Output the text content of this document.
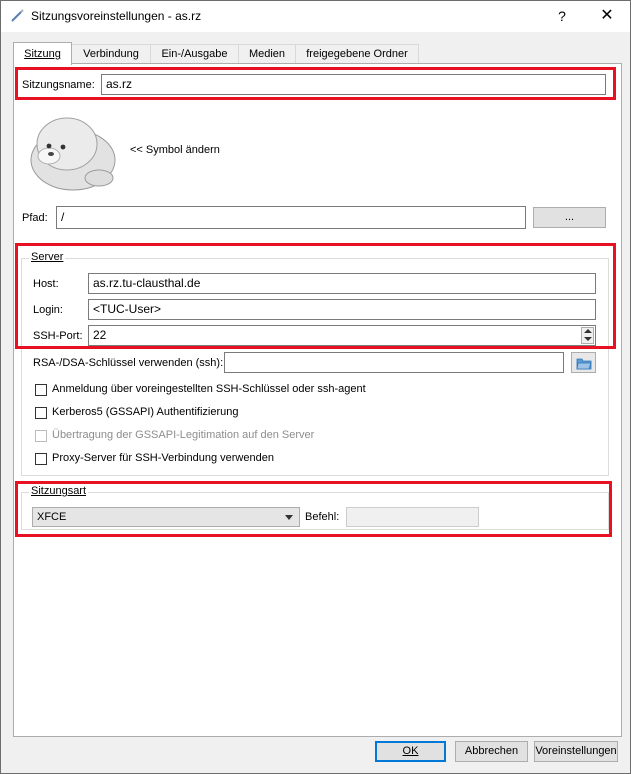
Sitzungsvoreinstellungen - as.rz	?	✕
Sitzung	Verbindung	Ein-/Ausgabe	Medien	freigegebene Ordner
Sitzungsname: as.rz
<< Symbol ändern
Pfad:	/	...
Server
Host:	as.rz.tu-clausthal.de
Login:	<TUC-User>
SSH-Port: 22
RSA-/DSA-Schlüssel verwenden (ssh):
Anmeldung über voreingestellten SSH-Schlüssel oder ssh-agent
Kerberos5 (GSSAPI) Authentifizierung
Übertragung der GSSAPI-Legitimation auf den Server
Proxy-Server für SSH-Verbindung verwenden
Sitzungsart
XFCE	Befehl:
OK	Abbrechen	Voreinstellungen
